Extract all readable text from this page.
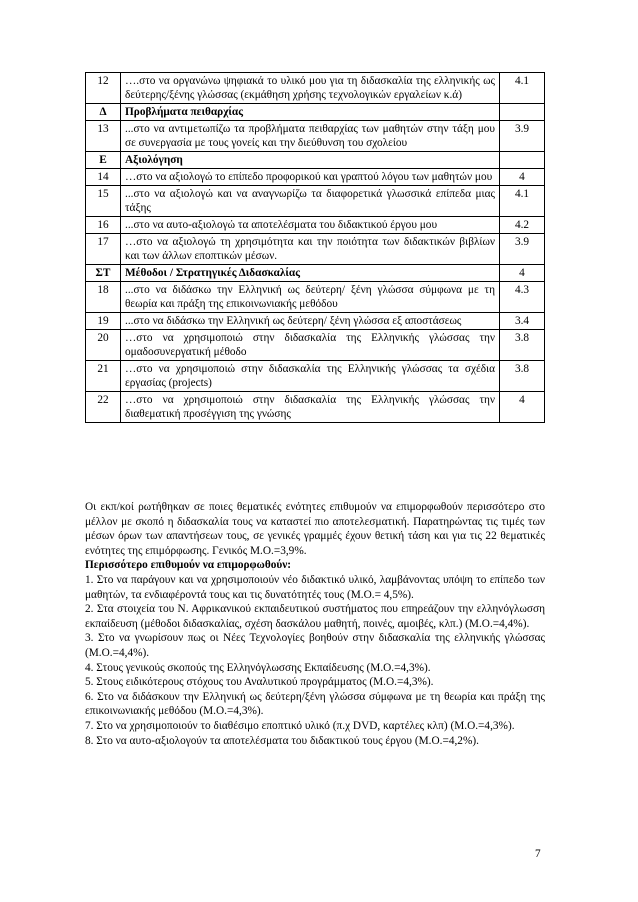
12	….στο να οργανώνω ψηφιακά το υλικό μου για τη διδασκαλία της ελληνικής ως δεύτερης/ξένης γλώσσας (εκμάθηση χρήσης τεχνολογικών εργαλείων κ.ά)	4.1
Δ	Προβλήματα πειθαρχίας	
13	...στο να αντιμετωπίζω τα προβλήματα πειθαρχίας των μαθητών στην τάξη μου σε συνεργασία με τους γονείς και την διεύθυνση του σχολείου	3.9
Ε	Αξιολόγηση	
14	…στο να αξιολογώ το επίπεδο προφορικού και γραπτού λόγου των μαθητών μου	4
15	...στο να αξιολογώ και να αναγνωρίζω τα διαφορετικά γλωσσικά επίπεδα μιας τάξης	4.1
16	...στο να αυτο-αξιολογώ τα αποτελέσματα του διδακτικού έργου μου	4.2
17	…στο να αξιολογώ τη χρησιμότητα και την ποιότητα των διδακτικών βιβλίων και των άλλων εποπτικών μέσων.	3.9
ΣΤ	Μέθοδοι / Στρατηγικές Διδασκαλίας	4
18	...στο να διδάσκω την Ελληνική ως δεύτερη/ ξένη γλώσσα σύμφωνα με τη θεωρία και πράξη της επικοινωνιακής μεθόδου	4.3
19	...στο να διδάσκω την Ελληνική ως δεύτερη/ ξένη γλώσσα εξ αποστάσεως	3.4
20	…στο να χρησιμοποιώ στην διδασκαλία της Ελληνικής γλώσσας την ομαδοσυνεργατική μέθοδο	3.8
21	…στο να χρησιμοποιώ στην διδασκαλία της Ελληνικής γλώσσας τα σχέδια εργασίας (projects)	3.8
22	…στο να χρησιμοποιώ στην διδασκαλία της Ελληνικής γλώσσας την διαθεματική προσέγγιση της γνώσης	4

Οι εκπ/κοί ρωτήθηκαν σε ποιες θεματικές ενότητες επιθυμούν να επιμορφωθούν περισσότερο στο μέλλον με σκοπό η διδασκαλία τους να καταστεί πιο αποτελεσματική. Παρατηρώντας τις τιμές των μέσων όρων των απαντήσεων τους, σε γενικές γραμμές έχουν θετική τάση και για τις 22 θεματικές ενότητες της επιμόρφωσης. Γενικός Μ.Ο.=3,9%.

Περισσότερο επιθυμούν να επιμορφωθούν:

1. Στο να παράγουν και να χρησιμοποιούν νέο διδακτικό υλικό, λαμβάνοντας υπόψη το επίπεδο των μαθητών, τα ενδιαφέροντά τους και τις δυνατότητές τους (Μ.Ο.= 4,5%).

2. Στα στοιχεία του Ν. Αφρικανικού εκπαιδευτικού συστήματος που επηρεάζουν την ελληνόγλωσση εκπαίδευση (μέθοδοι διδασκαλίας, σχέση δασκάλου μαθητή, ποινές, αμοιβές, κλπ.) (Μ.Ο.=4,4%).

3. Στο να γνωρίσουν πως οι Νέες Τεχνολογίες βοηθούν στην διδασκαλία της ελληνικής γλώσσας (Μ.Ο.=4,4%).

4. Στους γενικούς σκοπούς της Ελληνόγλωσσης Εκπαίδευσης (Μ.Ο.=4,3%).

5. Στους ειδικότερους στόχους του Αναλυτικού προγράμματος (Μ.Ο.=4,3%).

6. Στο να διδάσκουν την Ελληνική ως δεύτερη/ξένη γλώσσα σύμφωνα με τη θεωρία και πράξη της επικοινωνιακής μεθόδου (Μ.Ο.=4,3%).

7. Στο να χρησιμοποιούν το διαθέσιμο εποπτικό υλικό (π.χ DVD, καρτέλες κλπ) (Μ.Ο.=4,3%).

8. Στο να αυτο-αξιολογούν τα αποτελέσματα του διδακτικού τους έργου (Μ.Ο.=4,2%).

7
